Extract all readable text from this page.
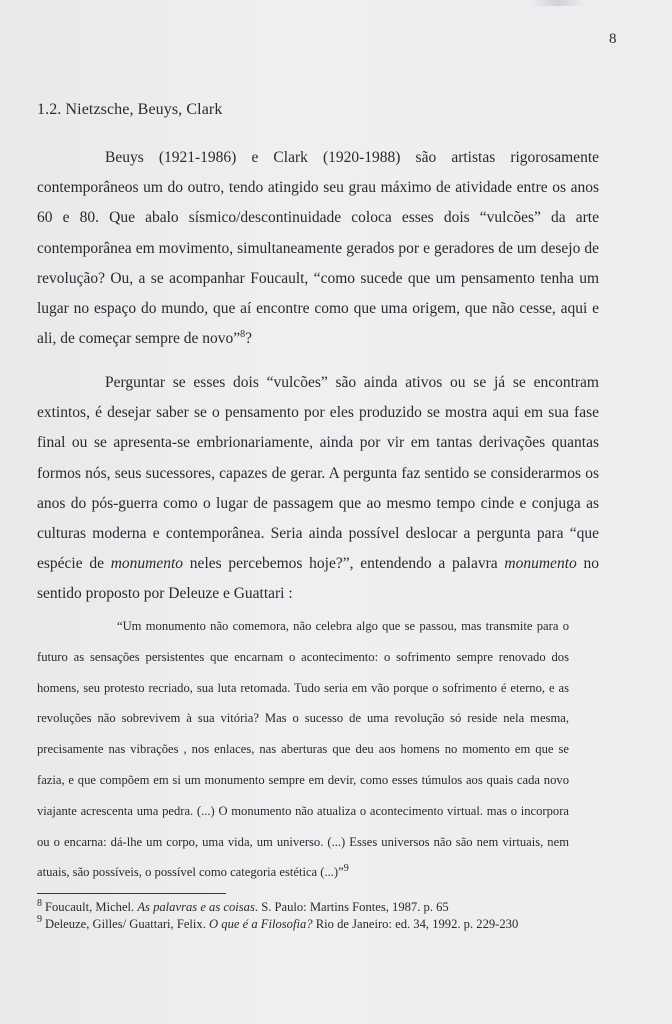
8
1.2. Nietzsche, Beuys, Clark

Beuys (1921-1986) e Clark (1920-1988) são artistas rigorosamente contemporâneos um do outro, tendo atingido seu grau máximo de atividade entre os anos 60 e 80. Que abalo sísmico/descontinuidade coloca esses dois “vulcões” da arte contemporânea em movimento, simultaneamente gerados por e geradores de um desejo de revolução? Ou, a se acompanhar Foucault, “como sucede que um pensamento tenha um lugar no espaço do mundo, que aí encontre como que uma origem, que não cesse, aqui e ali, de começar sempre de novo”$^8$?

Perguntar se esses dois “vulcões” são ainda ativos ou se já se encontram extintos, é desejar saber se o pensamento por eles produzido se mostra aqui em sua fase final ou se apresenta-se embrionariamente, ainda por vir em tantas derivações quantas formos nós, seus sucessores, capazes de gerar. A pergunta faz sentido se considerarmos os anos do pós-guerra como o lugar de passagem que ao mesmo tempo cinde e conjuga as culturas moderna e contemporânea. Seria ainda possível deslocar a pergunta para “que espécie de monumento neles percebemos hoje?”, entendendo a palavra monumento no sentido proposto por Deleuze e Guattari :

“Um monumento não comemora, não celebra algo que se passou, mas transmite para o futuro as sensações persistentes que encarnam o acontecimento: o sofrimento sempre renovado dos homens, seu protesto recriado, sua luta retomada. Tudo seria em vão porque o sofrimento é eterno, e as revoluções não sobrevivem à sua vitória? Mas o sucesso de uma revolução só reside nela mesma, precisamente nas vibrações , nos enlaces, nas aberturas que deu aos homens no momento em que se fazia, e que compõem em si um monumento sempre em devir, como esses túmulos aos quais cada novo viajante acrescenta uma pedra. (...) O monumento não atualiza o acontecimento virtual. mas o incorpora ou o encarna: dá-lhe um corpo, uma vida, um universo. (...) Esses universos não são nem virtuais, nem atuais, são possíveis, o possível como categoria estética (...)”$^9$

$^8$ Foucault, Michel. As palavras e as coisas. S. Paulo: Martins Fontes, 1987. p. 65
$^9$ Deleuze, Gilles/ Guattari, Felix. O que é a Filosofia? Rio de Janeiro: ed. 34, 1992. p. 229-230
